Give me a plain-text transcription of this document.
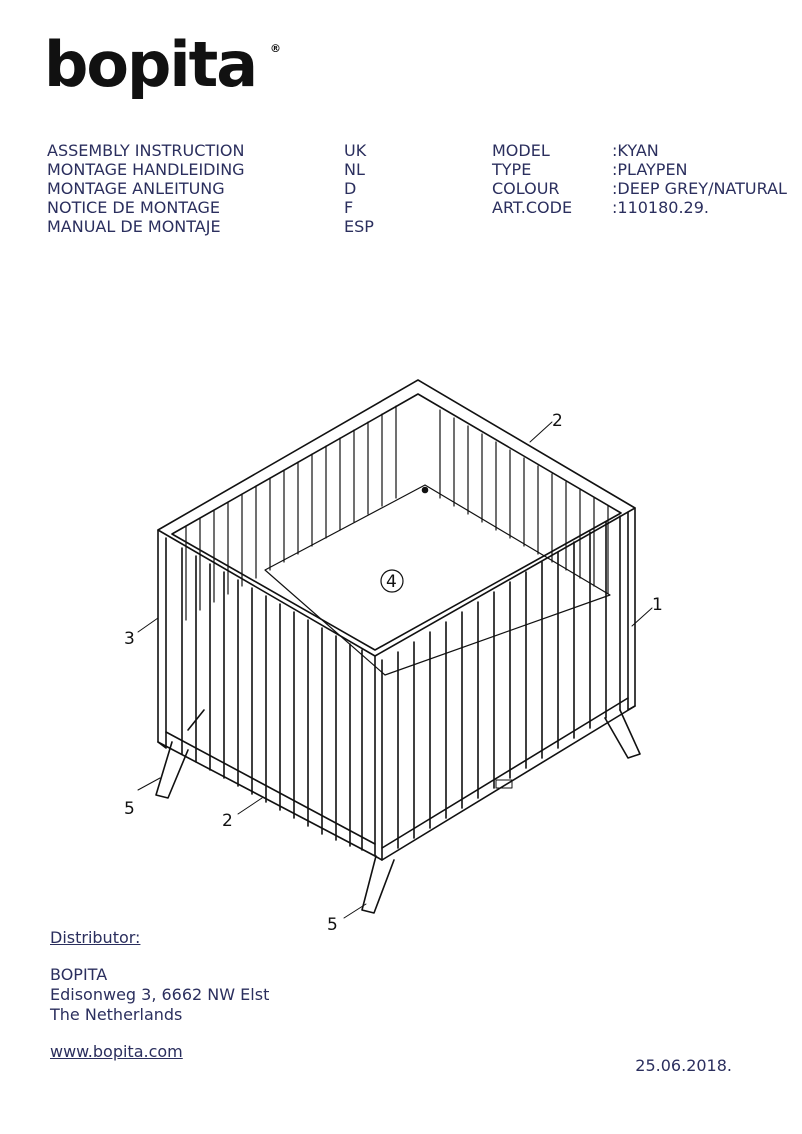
bopita ®
ASSEMBLY INSTRUCTION
MONTAGE HANDLEIDING
MONTAGE ANLEITUNG
NOTICE DE MONTAGE
MANUAL DE MONTAJE
UK
NL
D
F
ESP
MODEL
TYPE
COLOUR
ART.CODE
:KYAN
:PLAYPEN
:DEEP GREY/NATURAL
:110180.29.
2
1
3
4
5
2
5
Distributor:
BOPITA
Edisonweg 3, 6662 NW Elst
The Netherlands
www.bopita.com
25.06.2018.
